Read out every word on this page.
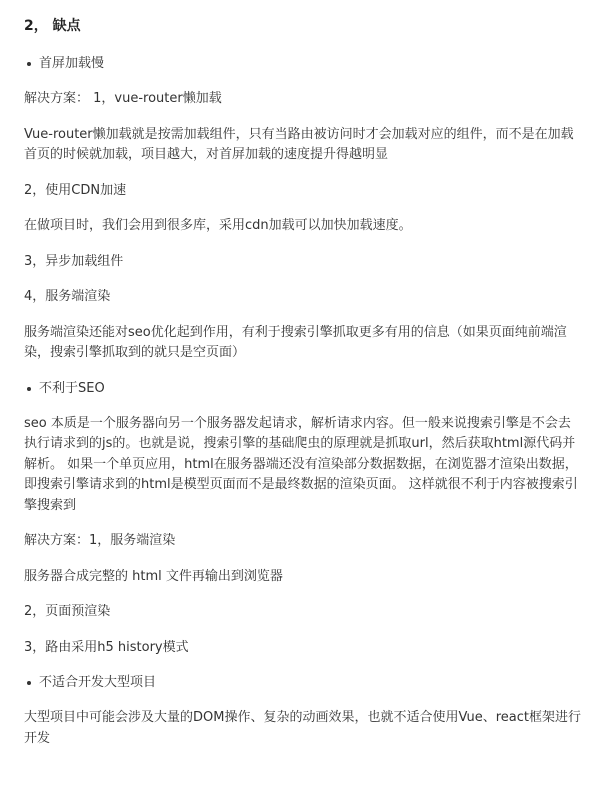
2， 缺点
首屏加载慢
解决方案： 1，vue-router懒加载
Vue-router懒加载就是按需加载组件，只有当路由被访问时才会加载对应的组件，而不是在加载首页的时候就加载，项目越大，对首屏加载的速度提升得越明显
2，使用CDN加速
在做项目时，我们会用到很多库，采用cdn加载可以加快加载速度。
3，异步加载组件
4，服务端渲染
服务端渲染还能对seo优化起到作用，有利于搜索引擎抓取更多有用的信息（如果页面纯前端渲染，搜索引擎抓取到的就只是空页面）
不利于SEO
seo 本质是一个服务器向另一个服务器发起请求，解析请求内容。但一般来说搜索引擎是不会去执行请求到的js的。也就是说，搜索引擎的基础爬虫的原理就是抓取url，然后获取html源代码并解析。 如果一个单页应用，html在服务器端还没有渲染部分数据数据，在浏览器才渲染出数据，即搜索引擎请求到的html是模型页面而不是最终数据的渲染页面。 这样就很不利于内容被搜索引擎搜索到
解决方案：1，服务端渲染
服务器合成完整的 html 文件再输出到浏览器
2，页面预渲染
3，路由采用h5 history模式
不适合开发大型项目
大型项目中可能会涉及大量的DOM操作、复杂的动画效果，也就不适合使用Vue、react框架进行开发
